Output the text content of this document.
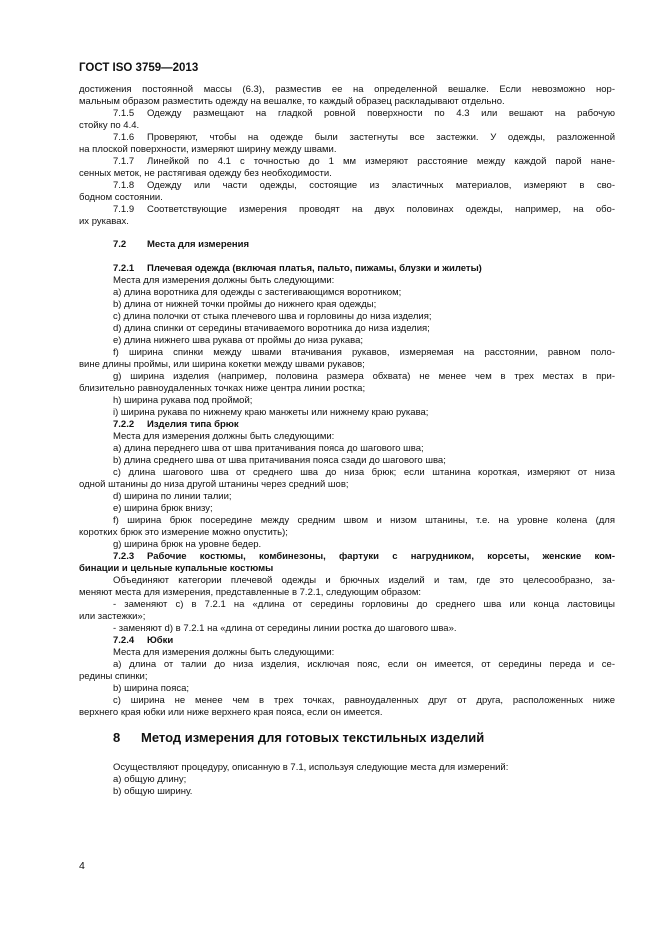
ГОСТ ISO 3759—2013
достижения постоянной массы (6.3), разместив ее на определенной вешалке. Если невозможно нор-
мальным образом разместить одежду на вешалке, то каждый образец раскладывают отдельно.
7.1.5 Одежду размещают на гладкой ровной поверхности по 4.3 или вешают на рабочую
стойку по 4.4.
7.1.6 Проверяют, чтобы на одежде были застегнуты все застежки. У одежды, разложенной
на плоской поверхности, измеряют ширину между швами.
7.1.7 Линейкой по 4.1 с точностью до 1 мм измеряют расстояние между каждой парой нане-
сенных меток, не растягивая одежду без необходимости.
7.1.8 Одежду или части одежды, состоящие из эластичных материалов, измеряют в сво-
бодном состоянии.
7.1.9 Соответствующие измерения проводят на двух половинах одежды, например, на обо-
их рукавах.
7.2 Места для измерения
7.2.1 Плечевая одежда (включая платья, пальто, пижамы, блузки и жилеты)
Места для измерения должны быть следующими:
a) длина воротника для одежды с застегивающимся воротником;
b) длина от нижней точки проймы до нижнего края одежды;
c) длина полочки от стыка плечевого шва и горловины до низа изделия;
d) длина спинки от середины втачиваемого воротника до низа изделия;
e) длина нижнего шва рукава от проймы до низа рукава;
f) ширина спинки между швами втачивания рукавов, измеряемая на расстоянии, равном поло-
вине длины проймы, или ширина кокетки между швами рукавов;
g) ширина изделия (например, половина размера обхвата) не менее чем в трех местах в при-
близительно равноудаленных точках ниже центра линии ростка;
h) ширина рукава под проймой;
i) ширина рукава по нижнему краю манжеты или нижнему краю рукава;
7.2.2 Изделия типа брюк
Места для измерения должны быть следующими:
a) длина переднего шва от шва притачивания пояса до шагового шва;
b) длина среднего шва от шва притачивания пояса сзади до шагового шва;
c) длина шагового шва от среднего шва до низа брюк; если штанина короткая, измеряют от низа
одной штанины до низа другой штанины через средний шов;
d) ширина по линии талии;
e) ширина брюк внизу;
f) ширина брюк посередине между средним швом и низом штанины, т.е. на уровне колена (для
коротких брюк это измерение можно опустить);
g) ширина брюк на уровне бедер.
7.2.3 Рабочие костюмы, комбинезоны, фартуки с нагрудником, корсеты, женские ком-
бинации и цельные купальные костюмы
Объединяют категории плечевой одежды и брючных изделий и там, где это целесообразно, за-
меняют места для измерения, представленные в 7.2.1, следующим образом:
- заменяют c) в 7.2.1 на «длина от середины горловины до среднего шва или конца ластовицы
или застежки»;
- заменяют d) в 7.2.1 на «длина от середины линии ростка до шагового шва».
7.2.4 Юбки
Места для измерения должны быть следующими:
a) длина от талии до низа изделия, исключая пояс, если он имеется, от середины переда и се-
редины спинки;
b) ширина пояса;
c) ширина не менее чем в трех точках, равноудаленных друг от друга, расположенных ниже
верхнего края юбки или ниже верхнего края пояса, если он имеется.
8 Метод измерения для готовых текстильных изделий
Осуществляют процедуру, описанную в 7.1, используя следующие места для измерений:
a) общую длину;
b) общую ширину.
4
